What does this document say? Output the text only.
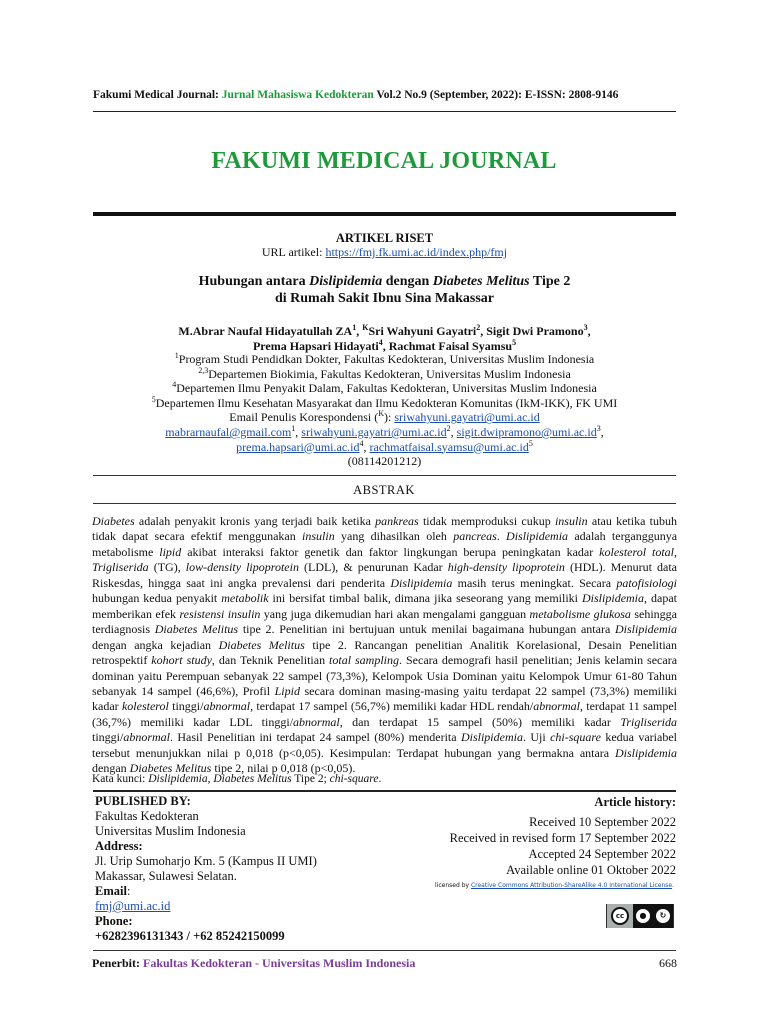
Fakumi Medical Journal: Jurnal Mahasiswa Kedokteran Vol.2 No.9 (September, 2022): E-ISSN: 2808-9146
FAKUMI MEDICAL JOURNAL
ARTIKEL RISET
URL artikel: https://fmj.fk.umi.ac.id/index.php/fmj
Hubungan antara Dislipidemia dengan Diabetes Melitus Tipe 2
di Rumah Sakit Ibnu Sina Makassar
M.Abrar Naufal Hidayatullah $ZA^1$, $^K$Sri Wahyuni Gayatri$^2$, Sigit Dwi Pramono$^3$,
Prema Hapsari Hidayati$^4$, Rachmat Faisal Syamsu$^5$
$^1$Program Studi Pendidkan Dokter, Fakultas Kedokteran, Universitas Muslim Indonesia
$^{2,3}$Departemen Biokimia, Fakultas Kedokteran, Universitas Muslim Indonesia
$^4$Departemen Ilmu Penyakit Dalam, Fakultas Kedokteran, Universitas Muslim Indonesia
$^5$Departemen Ilmu Kesehatan Masyarakat dan Ilmu Kedokteran Komunitas (IkM-IKK), FK UMI
Email Penulis Korespondensi ($^K$): sriwahyuni.gayatri@umi.ac.id
mabrarnaufal@gmail.com$^1$, $sriwahyuni.gayatri@umi.ac.id^2$, $sigit.dwipramono@umi.ac.id^3$,
$prema.hapsari@umi.ac.id^4$, $rachmatfaisal.syamsu@umi.ac.id^5$
(08114201212)
ABSTRAK
Diabetes adalah penyakit kronis yang terjadi baik ketika pankreas tidak memproduksi cukup insulin atau ketika tubuh tidak dapat secara efektif menggunakan insulin yang dihasilkan oleh pancreas. Dislipidemia adalah terganggunya metabolisme lipid akibat interaksi faktor genetik dan faktor lingkungan berupa peningkatan kadar kolesterol total, Trigliserida (TG), low-density lipoprotein (LDL), & penurunan Kadar high-density lipoprotein (HDL). Menurut data Riskesdas, hingga saat ini angka prevalensi dari penderita Dislipidemia masih terus meningkat. Secara patofisiologi hubungan kedua penyakit metabolik ini bersifat timbal balik, dimana jika seseorang yang memiliki Dislipidemia, dapat memberikan efek resistensi insulin yang juga dikemudian hari akan mengalami gangguan metabolisme glukosa sehingga terdiagnosis Diabetes Melitus tipe 2. Penelitian ini bertujuan untuk menilai bagaimana hubungan antara Dislipidemia dengan angka kejadian Diabetes Melitus tipe 2. Rancangan penelitian Analitik Korelasional, Desain Penelitian retrospektif kohort study, dan Teknik Penelitian total sampling. Secara demografi hasil penelitian; Jenis kelamin secara dominan yaitu Perempuan sebanyak 22 sampel (73,3%), Kelompok Usia Dominan yaitu Kelompok Umur 61-80 Tahun sebanyak 14 sampel (46,6%), Profil Lipid secara dominan masing-masing yaitu terdapat 22 sampel (73,3%) memiliki kadar kolesterol tinggi/abnormal, terdapat 17 sampel (56,7%) memiliki kadar HDL rendah/abnormal, terdapat 11 sampel (36,7%) memiliki kadar LDL tinggi/abnormal, dan terdapat 15 sampel (50%) memiliki kadar Trigliserida tinggi/abnormal. Hasil Penelitian ini terdapat 24 sampel (80%) menderita Dislipidemia. Uji chi-square kedua variabel tersebut menunjukkan nilai p 0,018 (p<0,05). Kesimpulan: Terdapat hubungan yang bermakna antara Dislipidemia dengan Diabetes Melitus tipe 2, nilai p 0,018 (p<0,05).
Kata kunci: Dislipidemia, Diabetes Melitus Tipe 2; chi-square.
PUBLISHED BY:
Fakultas Kedokteran
Universitas Muslim Indonesia
Address:
Jl. Urip Sumoharjo Km. 5 (Kampus II UMI)
Makassar, Sulawesi Selatan.
Email:
fmj@umi.ac.id
Phone:
+6282396131343 / +62 85242150099
Article history:
Received 10 September 2022
Received in revised form 17 September 2022
Accepted 24 September 2022
Available online 01 Oktober 2022
licensed by Creative Commons Attribution-ShareAlike 4.0 International License.
cc	●	↻
Penerbit: Fakultas Kedokteran - Universitas Muslim Indonesia	668
